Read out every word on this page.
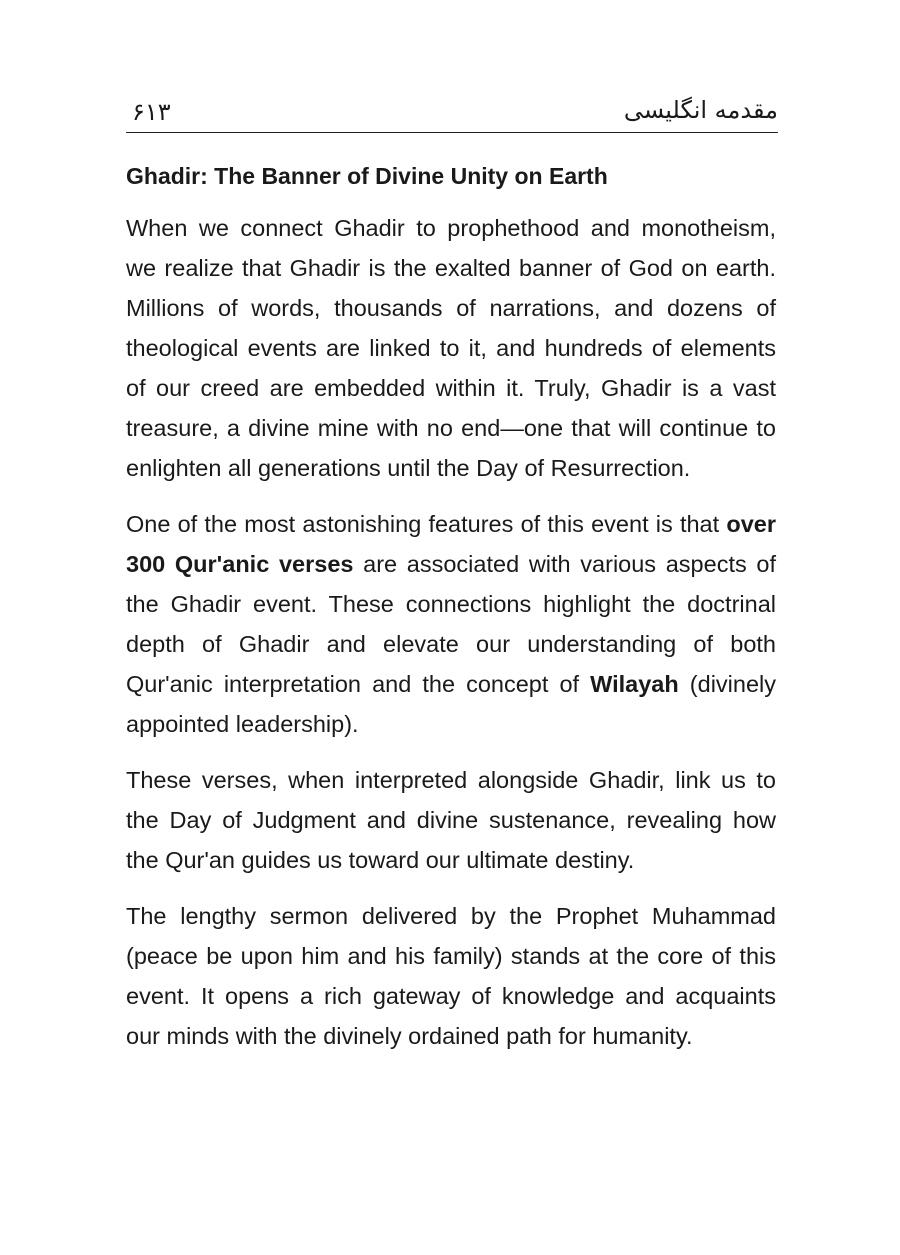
۶۱۳	مقدمه انگلیسی
Ghadir: The Banner of Divine Unity on Earth

When we connect Ghadir to prophethood and monotheism, we realize that Ghadir is the exalted banner of God on earth. Millions of words, thousands of narrations, and dozens of theological events are linked to it, and hundreds of elements of our creed are embedded within it. Truly, Ghadir is a vast treasure, a divine mine with no end—one that will continue to enlighten all generations until the Day of Resurrection.

One of the most astonishing features of this event is that over 300 Qur'anic verses are associated with various aspects of the Ghadir event. These connections highlight the doctrinal depth of Ghadir and elevate our understanding of both Qur'anic interpretation and the concept of Wilayah (divinely appointed leadership).

These verses, when interpreted alongside Ghadir, link us to the Day of Judgment and divine sustenance, revealing how the Qur'an guides us toward our ultimate destiny.

The lengthy sermon delivered by the Prophet Muhammad (peace be upon him and his family) stands at the core of this event. It opens a rich gateway of knowledge and acquaints our minds with the divinely ordained path for humanity.
